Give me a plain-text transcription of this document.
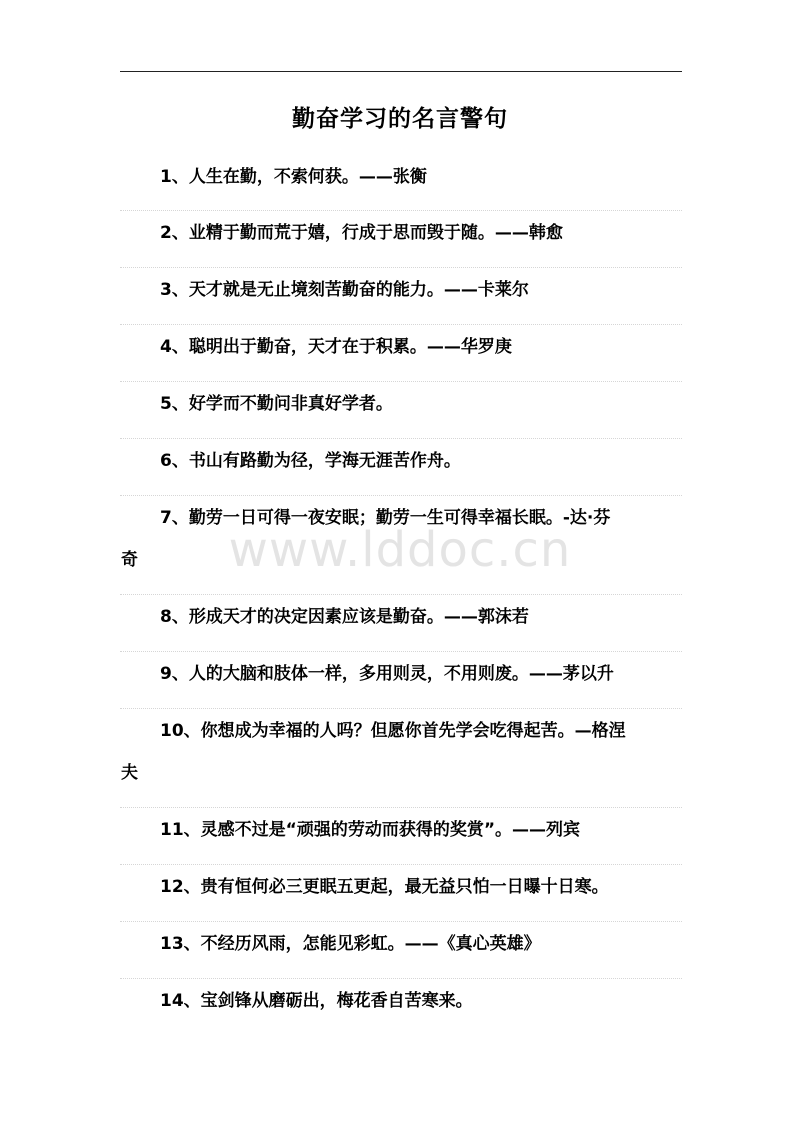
www.lddoc.cn
勤奋学习的名言警句
1、人生在勤，不索何获。——张衡
2、业精于勤而荒于嬉，行成于思而毁于随。——韩愈
3、天才就是无止境刻苦勤奋的能力。——卡莱尔
4、聪明出于勤奋，天才在于积累。——华罗庚
5、好学而不勤问非真好学者。
6、书山有路勤为径，学海无涯苦作舟。
7、勤劳一日可得一夜安眠；勤劳一生可得幸福长眠。-达·芬
奇
8、形成天才的决定因素应该是勤奋。——郭沫若
9、人的大脑和肢体一样，多用则灵，不用则废。——茅以升
10、你想成为幸福的人吗？但愿你首先学会吃得起苦。—格涅
夫
11、灵感不过是“顽强的劳动而获得的奖赏”。——列宾
12、贵有恒何必三更眠五更起，最无益只怕一日曝十日寒。
13、不经历风雨，怎能见彩虹。——《真心英雄》
14、宝剑锋从磨砺出，梅花香自苦寒来。
